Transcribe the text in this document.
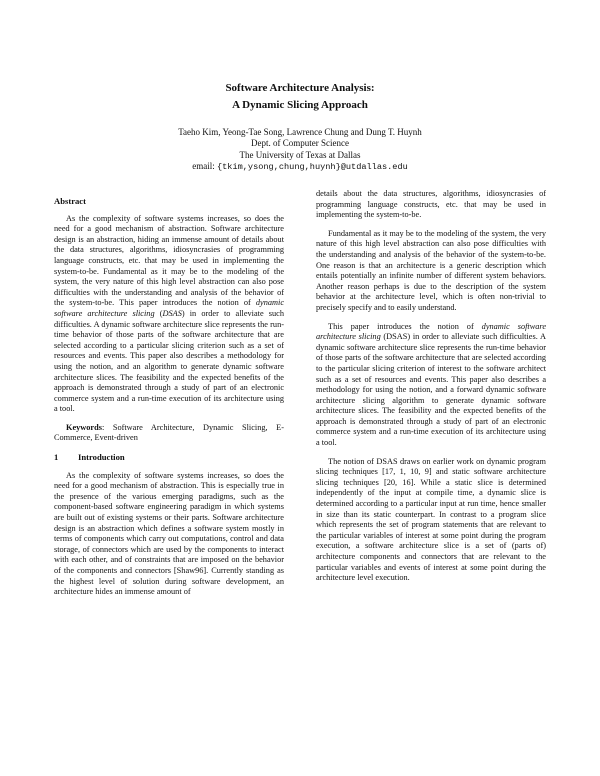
Software Architecture Analysis:

A Dynamic Slicing Approach

Taeho Kim, Yeong-Tae Song, Lawrence Chung and Dung T. Huynh
Dept. of Computer Science
The University of Texas at Dallas
email: {tkim,ysong,chung,huynh}@utdallas.edu
Abstract

As the complexity of software systems increases, so does the need for a good mechanism of abstraction. Software architecture design is an abstraction, hiding an immense amount of details about the data structures, algorithms, idiosyncrasies of programming language constructs, etc. that may be used in implementing the system-to-be. Fundamental as it may be to the modeling of the system, the very nature of this high level abstraction can also pose difficulties with the understanding and analysis of the behavior of the system-to-be. This paper introduces the notion of dynamic software architecture slicing (DSAS) in order to alleviate such difficulties. A dynamic software architecture slice represents the run-time behavior of those parts of the software architecture that are selected according to a particular slicing criterion such as a set of resources and events. This paper also describes a methodology for using the notion, and an algorithm to generate dynamic software architecture slices. The feasibility and the expected benefits of the approach is demonstrated through a study of part of an electronic commerce system and a run-time execution of its architecture using a tool.

Keywords: Software Architecture, Dynamic Slicing, E-Commerce, Event-driven

1 Introduction

As the complexity of software systems increases, so does the need for a good mechanism of abstraction. This is especially true in the presence of the various emerging paradigms, such as the component-based software engineering paradigm in which systems are built out of existing systems or their parts. Software architecture design is an abstraction which defines a software system mostly in terms of components which carry out computations, control and data storage, of connectors which are used by the components to interact with each other, and of constraints that are imposed on the behavior of the components and connectors [Shaw96]. Currently standing as the highest level of solution during software development, an architecture hides an immense amount of

details about the data structures, algorithms, idiosyncrasies of programming language constructs, etc. that may be used in implementing the system-to-be.

Fundamental as it may be to the modeling of the system, the very nature of this high level abstraction can also pose difficulties with the understanding and analysis of the behavior of the system-to-be. One reason is that an architecture is a generic description which entails potentially an infinite number of different system behaviors. Another reason perhaps is due to the description of the system behavior at the architecture level, which is often non-trivial to precisely specify and to easily understand.

This paper introduces the notion of dynamic software architecture slicing (DSAS) in order to alleviate such difficulties. A dynamic software architecture slice represents the run-time behavior of those parts of the software architecture that are selected according to the particular slicing criterion of interest to the software architect such as a set of resources and events. This paper also describes a methodology for using the notion, and a forward dynamic software architecture slicing algorithm to generate dynamic software architecture slices. The feasibility and the expected benefits of the approach is demonstrated through a study of part of an electronic commerce system and a run-time execution of its architecture using a tool.

The notion of DSAS draws on earlier work on dynamic program slicing techniques [17, 1, 10, 9] and static software architecture slicing techniques [20, 16]. While a static slice is determined independently of the input at compile time, a dynamic slice is determined according to a particular input at run time, hence smaller in size than its static counterpart. In contrast to a program slice which represents the set of program statements that are relevant to the particular variables of interest at some point during the program execution, a software architecture slice is a set of (parts of) architecture components and connectors that are relevant to the particular variables and events of interest at some point during the architecture level execution.
